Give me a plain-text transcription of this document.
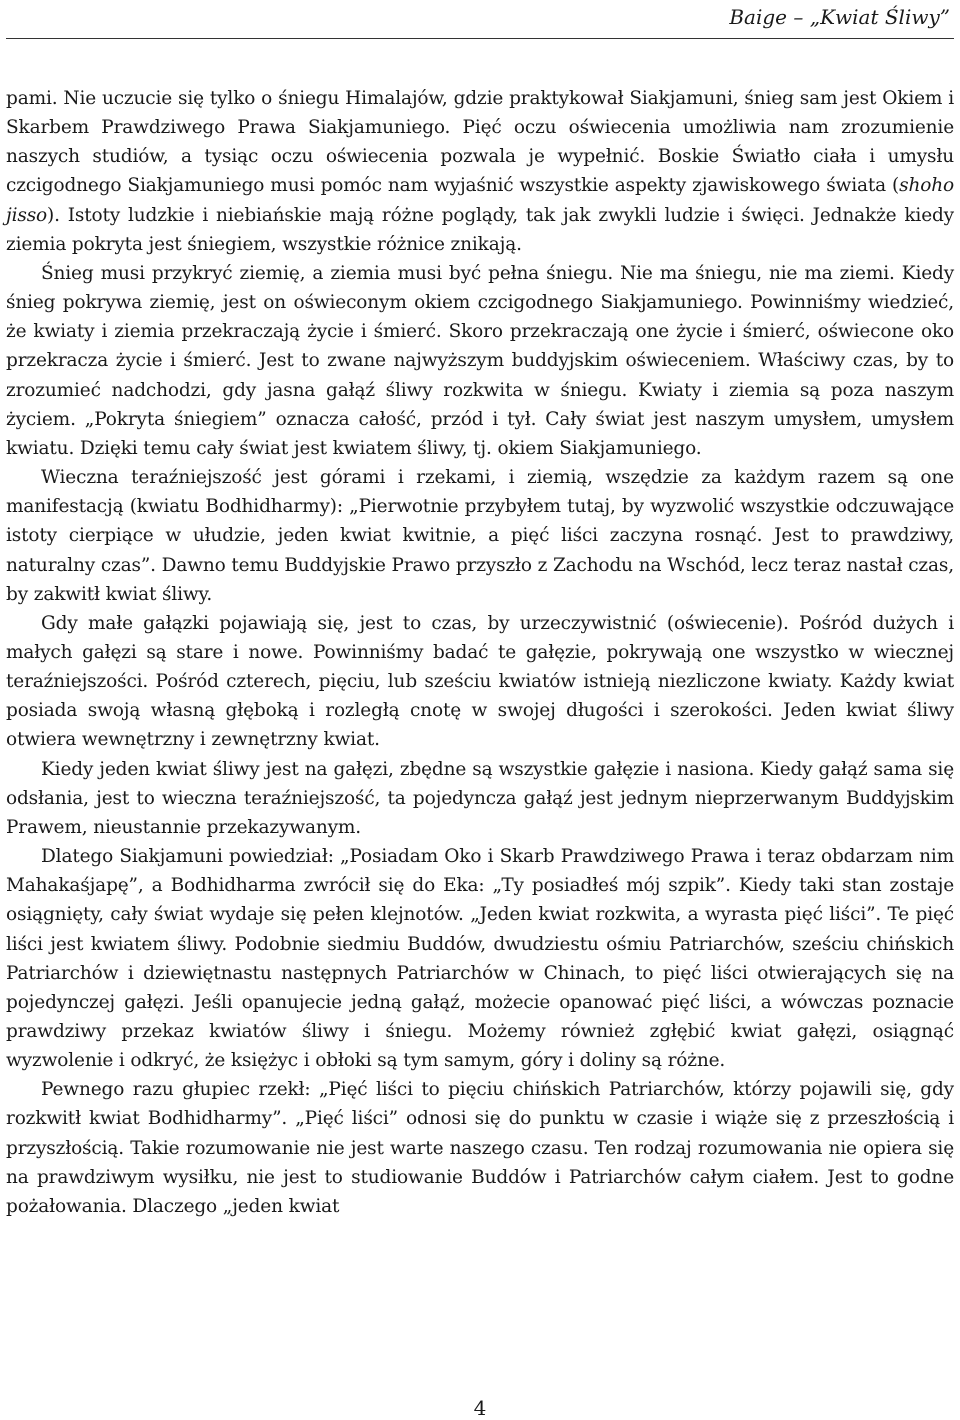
Baige – „Kwiat Śliwy”

pami. Nie uczucie się tylko o śniegu Himalajów, gdzie praktykował Siakjamuni, śnieg sam jest Okiem i Skarbem Prawdziwego Prawa Siakjamuniego. Pięć oczu oświecenia umożliwia nam zrozumienie naszych studiów, a tysiąc oczu oświecenia pozwala je wypełnić. Boskie Światło ciała i umysłu czcigodnego Siakjamuniego musi pomóc nam wyjaśnić wszystkie aspekty zjawiskowego świata (shoho jisso). Istoty ludzkie i niebiańskie mają różne poglądy, tak jak zwykli ludzie i święci. Jednakże kiedy ziemia pokryta jest śniegiem, wszystkie różnice znikają.

Śnieg musi przykryć ziemię, a ziemia musi być pełna śniegu. Nie ma śniegu, nie ma ziemi. Kiedy śnieg pokrywa ziemię, jest on oświeconym okiem czcigodnego Siakjamuniego. Powinniśmy wiedzieć, że kwiaty i ziemia przekraczają życie i śmierć. Skoro przekraczają one życie i śmierć, oświecone oko przekracza życie i śmierć. Jest to zwane najwyższym buddyjskim oświeceniem. Właściwy czas, by to zrozumieć nadchodzi, gdy jasna gałąź śliwy rozkwita w śniegu. Kwiaty i ziemia są poza naszym życiem. „Pokryta śniegiem” oznacza całość, przód i tył. Cały świat jest naszym umysłem, umysłem kwiatu. Dzięki temu cały świat jest kwiatem śliwy, tj. okiem Siakjamuniego.

Wieczna teraźniejszość jest górami i rzekami, i ziemią, wszędzie za każdym razem są one manifestacją (kwiatu Bodhidharmy): „Pierwotnie przybyłem tutaj, by wyzwolić wszystkie odczuwające istoty cierpiące w ułudzie, jeden kwiat kwitnie, a pięć liści zaczyna rosnąć. Jest to prawdziwy, naturalny czas”. Dawno temu Buddyjskie Prawo przyszło z Zachodu na Wschód, lecz teraz nastał czas, by zakwitł kwiat śliwy.

Gdy małe gałązki pojawiają się, jest to czas, by urzeczywistnić (oświecenie). Pośród dużych i małych gałęzi są stare i nowe. Powinniśmy badać te gałęzie, pokrywają one wszystko w wiecznej teraźniejszości. Pośród czterech, pięciu, lub sześciu kwiatów istnieją niezliczone kwiaty. Każdy kwiat posiada swoją własną głęboką i rozległą cnotę w swojej długości i szerokości. Jeden kwiat śliwy otwiera wewnętrzny i zewnętrzny kwiat.

Kiedy jeden kwiat śliwy jest na gałęzi, zbędne są wszystkie gałęzie i nasiona. Kiedy gałąź sama się odsłania, jest to wieczna teraźniejszość, ta pojedyncza gałąź jest jednym nieprzerwanym Buddyjskim Prawem, nieustannie przekazywanym.

Dlatego Siakjamuni powiedział: „Posiadam Oko i Skarb Prawdziwego Prawa i teraz obdarzam nim Mahakaśjapę”, a Bodhidharma zwrócił się do Eka: „Ty posiadłeś mój szpik”. Kiedy taki stan zostaje osiągnięty, cały świat wydaje się pełen klejnotów. „Jeden kwiat rozkwita, a wyrasta pięć liści”. Te pięć liści jest kwiatem śliwy. Podobnie siedmiu Buddów, dwudziestu ośmiu Patriarchów, sześciu chińskich Patriarchów i dziewiętnastu następnych Patriarchów w Chinach, to pięć liści otwierających się na pojedynczej gałęzi. Jeśli opanujecie jedną gałąź, możecie opanować pięć liści, a wówczas poznacie prawdziwy przekaz kwiatów śliwy i śniegu. Możemy również zgłębić kwiat gałęzi, osiągnąć wyzwolenie i odkryć, że księżyc i obłoki są tym samym, góry i doliny są różne.

Pewnego razu głupiec rzekł: „Pięć liści to pięciu chińskich Patriarchów, którzy pojawili się, gdy rozkwitł kwiat Bodhidharmy”. „Pięć liści” odnosi się do punktu w czasie i wiąże się z przeszłością i przyszłością. Takie rozumowanie nie jest warte naszego czasu. Ten rodzaj rozumowania nie opiera się na prawdziwym wysiłku, nie jest to studiowanie Buddów i Patriarchów całym ciałem. Jest to godne pożałowania. Dlaczego „jeden kwiat

4
